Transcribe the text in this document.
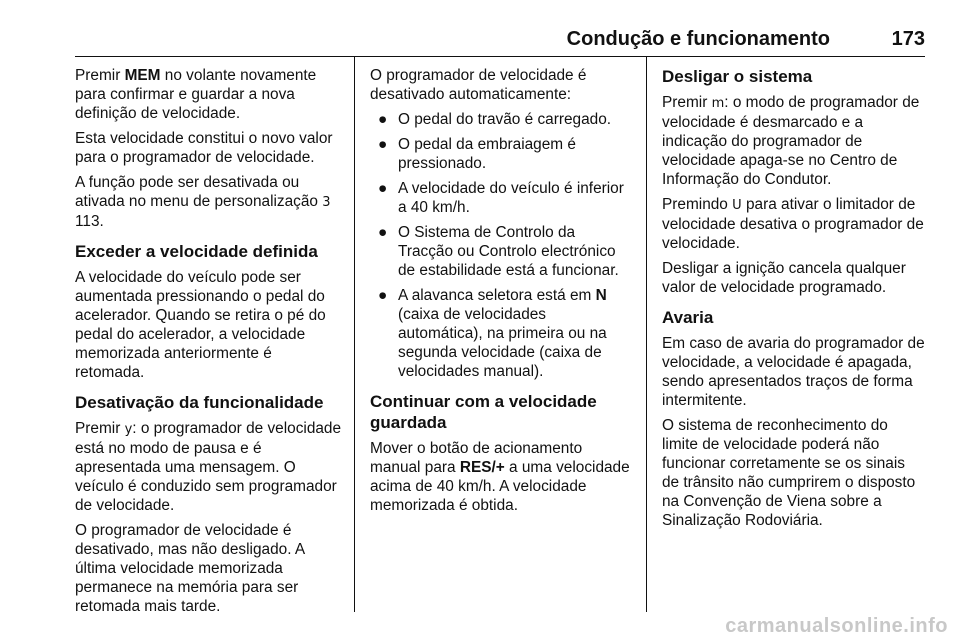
Condução e funcionamento	173

Premir MEM no volante novamente para confirmar e guardar a nova definição de velocidade.

Esta velocidade constitui o novo valor para o programador de velocidade.

A função pode ser desativada ou ativada no menu de personalização 3 113.

Exceder a velocidade definida

A velocidade do veículo pode ser aumentada pressionando o pedal do acelerador. Quando se retira o pé do pedal do acelerador, a velocidade memorizada anteriormente é retomada.

Desativação da funcionalidade

Premir y: o programador de velocidade está no modo de pausa e é apresentada uma mensagem. O veículo é conduzido sem programador de velocidade.

O programador de velocidade é desativado, mas não desligado. A última velocidade memorizada permanece na memória para ser retomada mais tarde.

O programador de velocidade é desativado automaticamente:

● O pedal do travão é carregado.
● O pedal da embraiagem é pressionado.
● A velocidade do veículo é inferior a 40 km/h.
● O Sistema de Controlo da Tracção ou Controlo electrónico de estabilidade está a funcionar.
● A alavanca seletora está em N (caixa de velocidades automática), na primeira ou na segunda velocidade (caixa de velocidades manual).
Continuar com a velocidade guardada

Mover o botão de acionamento manual para RES/+ a uma velocidade acima de 40 km/h. A velocidade memorizada é obtida.

Desligar o sistema

Premir m: o modo de programador de velocidade é desmarcado e a indicação do programador de velocidade apaga-se no Centro de Informação do Condutor.

Premindo U para ativar o limitador de velocidade desativa o programador de velocidade.

Desligar a ignição cancela qualquer valor de velocidade programado.

Avaria

Em caso de avaria do programador de velocidade, a velocidade é apagada, sendo apresentados traços de forma intermitente.

O sistema de reconhecimento do limite de velocidade poderá não funcionar corretamente se os sinais de trânsito não cumprirem o disposto na Convenção de Viena sobre a Sinalização Rodoviária.

carmanualsonline.info
